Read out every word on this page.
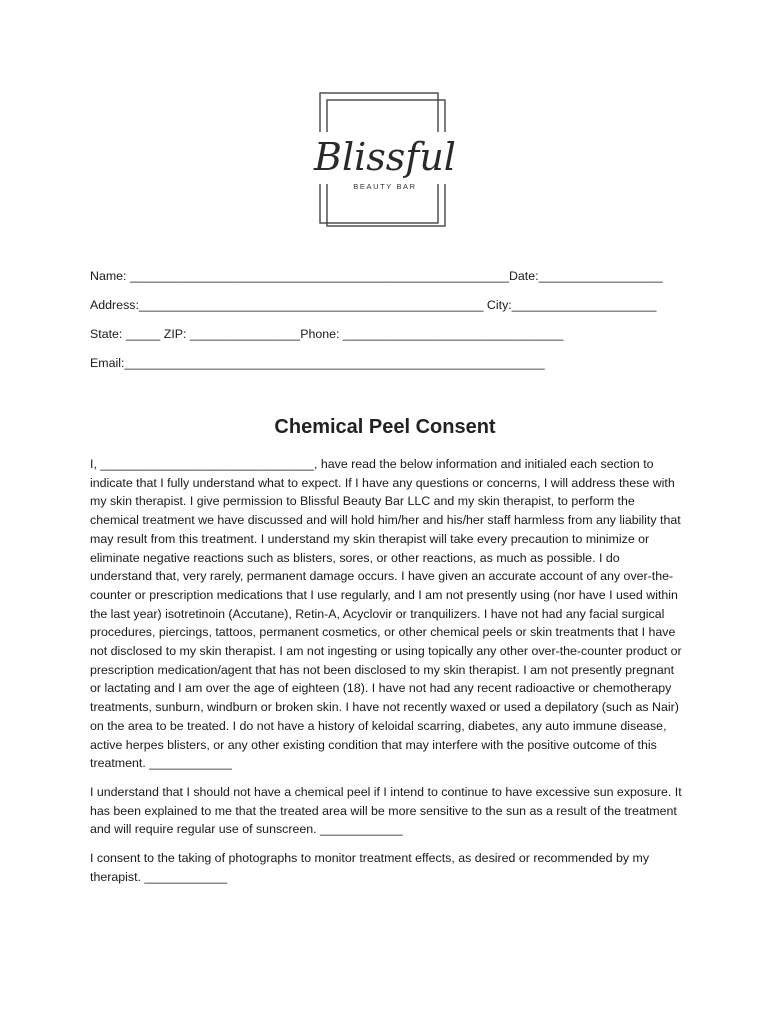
Blissful
BEAUTY BAR
Name: _______________________________________________________Date:__________________
Address:__________________________________________________ City:_____________________
State: _____ ZIP: ________________Phone: ________________________________
Email:_____________________________________________________________
Chemical Peel Consent

I, _______________________________, have read the below information and initialed each section to indicate that I fully understand what to expect. If I have any questions or concerns, I will address these with my skin therapist. I give permission to Blissful Beauty Bar LLC and my skin therapist, to perform the chemical treatment we have discussed and will hold him/her and his/her staff harmless from any liability that may result from this treatment. I understand my skin therapist will take every precaution to minimize or eliminate negative reactions such as blisters, sores, or other reactions, as much as possible. I do understand that, very rarely, permanent damage occurs. I have given an accurate account of any over-the-counter or prescription medications that I use regularly, and I am not presently using (nor have I used within the last year) isotretinoin (Accutane), Retin-A, Acyclovir or tranquilizers. I have not had any facial surgical procedures, piercings, tattoos, permanent cosmetics, or other chemical peels or skin treatments that I have not disclosed to my skin therapist. I am not ingesting or using topically any other over-the-counter product or prescription medication/agent that has not been disclosed to my skin therapist. I am not presently pregnant or lactating and I am over the age of eighteen (18). I have not had any recent radioactive or chemotherapy treatments, sunburn, windburn or broken skin. I have not recently waxed or used a depilatory (such as Nair) on the area to be treated. I do not have a history of keloidal scarring, diabetes, any auto immune disease, active herpes blisters, or any other existing condition that may interfere with the positive outcome of this treatment. ____________

I understand that I should not have a chemical peel if I intend to continue to have excessive sun exposure. It has been explained to me that the treated area will be more sensitive to the sun as a result of the treatment and will require regular use of sunscreen. ____________

I consent to the taking of photographs to monitor treatment effects, as desired or recommended by my therapist. ____________
